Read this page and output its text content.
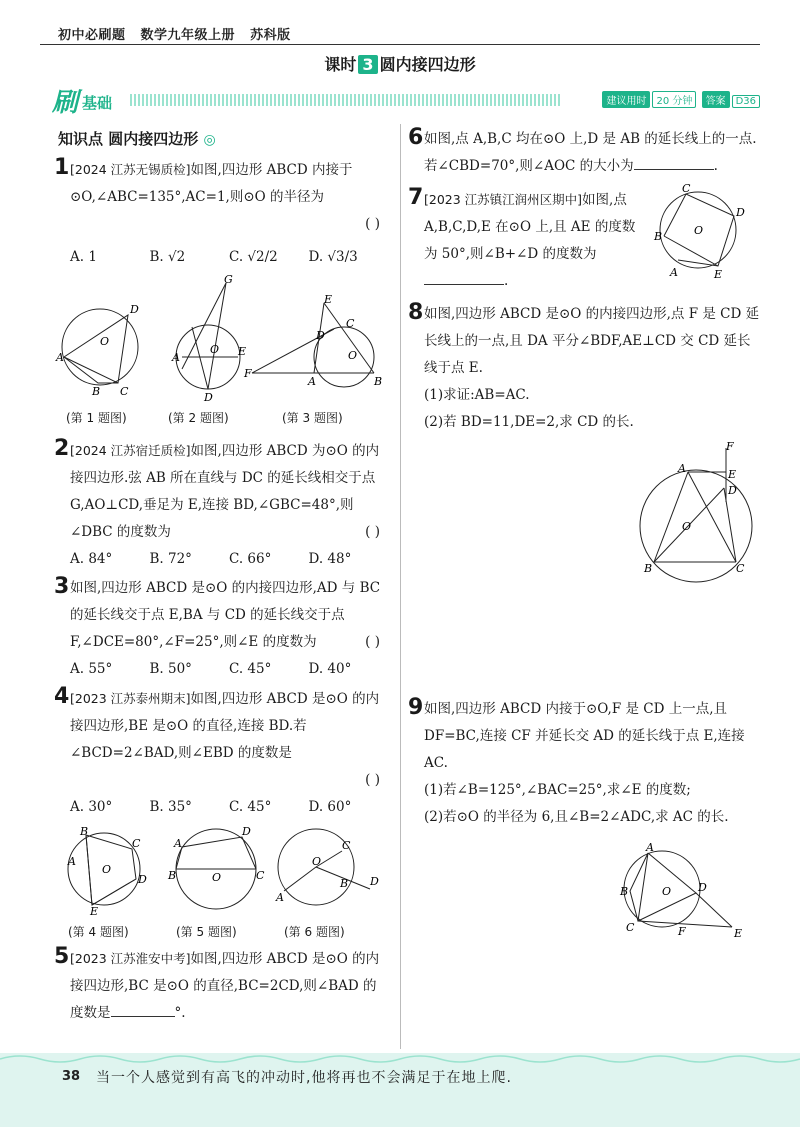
初中必刷题 数学九年级上册 苏科版
课时 3 圆内接四边形
刷 基础	建议用时 20 分钟 答案 D36
知识点 圆内接四边形 ◎
1 [2024 江苏无锡质检]如图,四边形 ABCD 内接于⊙O,∠ABC=135°,AC=1,则⊙O 的半径为
( )
A. 1	B. √2	C. √2/2	D. √3/3
A
B C
D
O
G
A	E
D
O
F
A	B
E
C
D
O
(第 1 题图)	(第 2 题图)	(第 3 题图)
2 [2024 江苏宿迁质检]如图,四边形 ABCD 为⊙O 的内接四边形.弦 AB 所在直线与 DC 的延长线相交于点 G,AO⊥CD,垂足为 E,连接 BD,∠GBC=48°,则∠DBC 的度数为	( )
A. 84°	B. 72°	C. 66°	D. 48°
3 如图,四边形 ABCD 是⊙O 的内接四边形,AD 与 BC 的延长线交于点 E,BA 与 CD 的延长线交于点 F,∠DCE=80°,∠F=25°,则∠E 的度数为	( )
A. 55°	B. 50°	C. 45°	D. 40°
4 [2023 江苏泰州期末]如图,四边形 ABCD 是⊙O 的内接四边形,BE 是⊙O 的直径,连接 BD.若∠BCD=2∠BAD,则∠EBD 的度数是
( )
A. 30°	B. 35°	C. 45°	D. 60°
B
C
D
E
A
O
A
D
B	C
O
A
C
D
O
B
(第 4 题图)	(第 5 题图)	(第 6 题图)
5 [2023 江苏淮安中考]如图,四边形 ABCD 是⊙O 的内接四边形,BC 是⊙O 的直径,BC=2CD,则∠BAD 的度数是	°.
6 如图,点 A,B,C 均在⊙O 上,D 是 AB 的延长线上的一点.若∠CBD=70°,则∠AOC 的大小为	.
7 [2023 江苏镇江润州区期中]如图,点 A,B,C,D,E 在⊙O 上,且 AE 的度数为 50°,则∠B+∠D 的度数为.
C
D
B
A	E
O
8 如图,四边形 ABCD 是⊙O 的内接四边形,点 F 是 CD 延长线上的一点,且 DA 平分∠BDF,AE⊥CD 交 CD 延长线于点 E.
(1)求证:AB=AC.
(2)若 BD=11,DE=2,求 CD 的长.
F
A	E
D
B	C
O
9 如图,四边形 ABCD 内接于⊙O,F 是 CD 上一点,且 DF=BC,连接 CF 并延长交 AD 的延长线于点 E,连接 AC.
(1)若∠B=125°,∠BAC=25°,求∠E 的度数;
(2)若⊙O 的半径为 6,且∠B=2∠ADC,求 AC 的长.
A
B
C
D
F	E
O
38 当一个人感觉到有高飞的冲动时,他将再也不会满足于在地上爬.
